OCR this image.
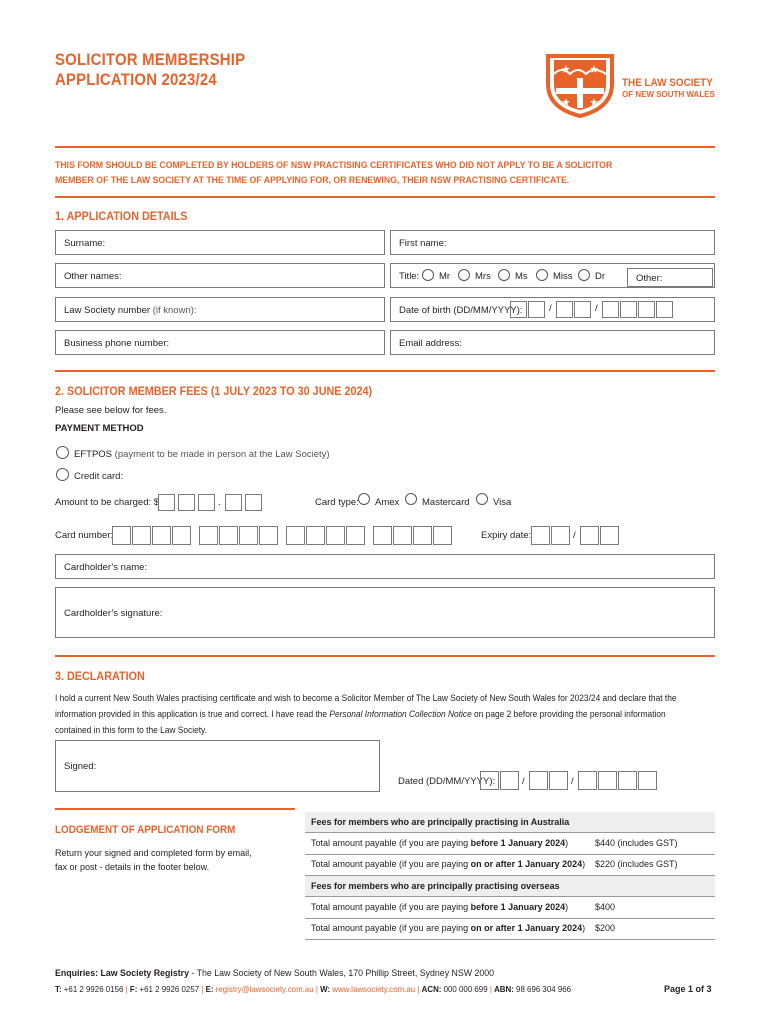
SOLICITOR MEMBERSHIP
APPLICATION 2023/24	THE LAW SOCIETY
OF NEW SOUTH WALES
THIS FORM SHOULD BE COMPLETED BY HOLDERS OF NSW PRACTISING CERTIFICATES WHO DID NOT APPLY TO BE A SOLICITOR
MEMBER OF THE LAW SOCIETY AT THE TIME OF APPLYING FOR, OR RENEWING, THEIR NSW PRACTISING CERTIFICATE.
1. APPLICATION DETAILS
Surname:	First name:
Other names:	Title: Mr	Mrs	Ms	Miss Dr	Other:
Law Society number (if known):	Date of birth (DD/MM/YYYY):	/	/
Business phone number:	Email address:
2. SOLICITOR MEMBER FEES (1 JULY 2023 TO 30 JUNE 2024)
Please see below for fees.
PAYMENT METHOD
EFTPOS (payment to be made in person at the Law Society)
Credit card:
Amount to be charged: $	.	Card type: Amex Mastercard Visa
Card number:	Expiry date:	/
Cardholder’s name:
Cardholder’s signature:
3. DECLARATION
I hold a current New South Wales practising certificate and wish to become a Solicitor Member of The Law Society of New South Wales for 2023/24 and declare that the
information provided in this application is true and correct. I have read the Personal Information Collection Notice on page 2 before providing the personal information
contained in this form to the Law Society.
Signed:
Dated (DD/MM/YYYY):	/	/
LODGEMENT OF APPLICATION FORM
Return your signed and completed form by email,
fax or post - details in the footer below.
Fees for members who are principally practising in Australia
Total amount payable (if you are paying before 1 January 2024)	$440 (includes GST)
Total amount payable (if you are paying on or after 1 January 2024) $220 (includes GST)
Fees for members who are principally practising overseas
Total amount payable (if you are paying before 1 January 2024)	$400
Total amount payable (if you are paying on or after 1 January 2024) $200
Enquiries: Law Society Registry - The Law Society of New South Wales, 170 Phillip Street, Sydney NSW 2000
T: +61 2 9926 0156 | F: +61 2 9926 0257 | E: registry@lawsociety.com.au | W: www.lawsociety.com.au | ACN: 000 000 699 | ABN: 98 696 304 966	Page 1 of 3
